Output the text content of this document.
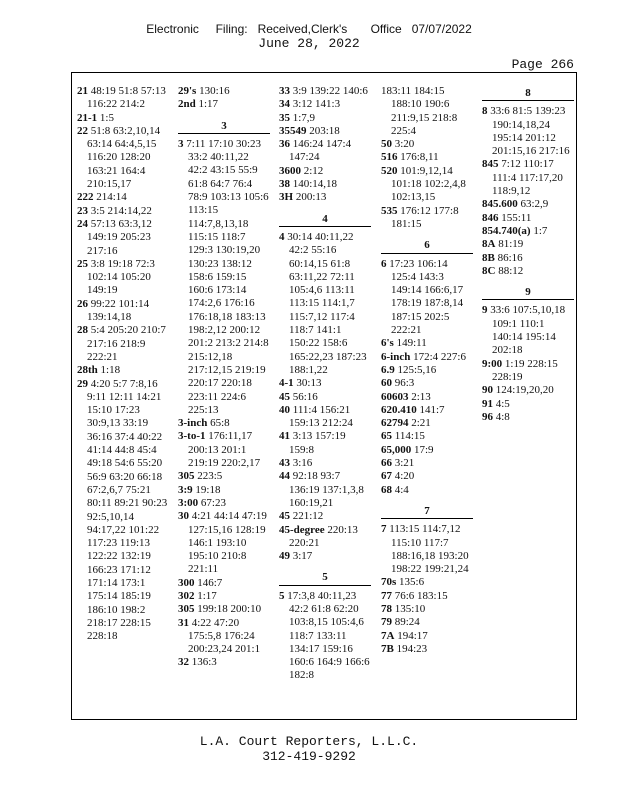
Electronic     Filing:   Received,Clerk's       Office   07/07/2022
June 28, 2022
Page 266
21 48:19 51:8 57:13 116:22 214:2
21-1 1:5
22 51:8 63:2,10,14 63:14 64:4,5,15 116:20 128:20 163:21 164:4 210:15,17
222 214:14
23 3:5 214:14,22
24 57:13 63:3,12 149:19 205:23 217:16
25 3:8 19:18 72:3 102:14 105:20 149:19
26 99:22 101:14 139:14,18
28 5:4 205:20 210:7 217:16 218:9 222:21
28th 1:18
29 4:20 5:7 7:8,16 9:11 12:11 14:21 15:10 17:23 30:9,13 33:19 36:16 37:4 40:22 41:14 44:8 45:4 49:18 54:6 55:20 56:9 63:20 66:18 67:2,6,7 75:21 80:11 89:21 90:23 92:5,10,14 94:17,22 101:22 117:23 119:13 122:22 132:19 166:23 171:12 171:14 173:1 175:14 185:19 186:10 198:2 218:17 228:15 228:18
29's 130:16
2nd 1:17
3
3 7:11 17:10 30:23 33:2 40:11,22 42:2 43:15 55:9 61:8 64:7 76:4 78:9 103:13 105:6 113:15 114:7,8,13,18 115:15 118:7 129:3 130:19,20 130:23 138:12 158:6 159:15 160:6 173:14 174:2,6 176:16 176:18,18 183:13 198:2,12 200:12 201:2 213:2 214:8 215:12,18 217:12,15 219:19 220:17 220:18 223:11 224:6 225:13
3-inch 65:8
3-to-1 176:11,17 200:13 201:1 219:19 220:2,17
305 223:5
3:9 19:18
3:00 67:23
30 4:21 44:14 47:19 127:15,16 128:19 146:1 193:10 195:10 210:8 221:11
300 146:7
302 1:17
305 199:18 200:10
31 4:22 47:20 175:5,8 176:24 200:23,24 201:1
32 136:3
33 3:9 139:22 140:6
34 3:12 141:3
35 1:7,9
35549 203:18
36 146:24 147:4 147:24
3600 2:12
38 140:14,18
3H 200:13
4
4 30:14 40:11,22 42:2 55:16 60:14,15 61:8 63:11,22 72:11 105:4,6 113:11 113:15 114:1,7 115:7,12 117:4 118:7 141:1 150:22 158:6 165:22,23 187:23 188:1,22
4-1 30:13
45 56:16
40 111:4 156:21 159:13 212:24
41 3:13 157:19 159:8
43 3:16
44 92:18 93:7 136:19 137:1,3,8 160:19,21
45 221:12
45-degree 220:13 220:21
49 3:17
5
5 17:3,8 40:11,23 42:2 61:8 62:20 103:8,15 105:4,6 118:7 133:11 134:17 159:16 160:6 164:9 166:6 182:8
183:11 184:15 188:10 190:6 211:9,15 218:8 225:4
50 3:20
516 176:8,11
520 101:9,12,14 101:18 102:2,4,8 102:13,15
535 176:12 177:8 181:15
6
6 17:23 106:14 125:4 143:3 149:14 166:6,17 178:19 187:8,14 187:15 202:5 222:21
6's 149:11
6-inch 172:4 227:6
6.9 125:5,16
60 96:3
60603 2:13
620.410 141:7
62794 2:21
65 114:15
65,000 17:9
66 3:21
67 4:20
68 4:4
7
7 113:15 114:7,12 115:10 117:7 188:16,18 193:20 198:22 199:21,24
70s 135:6
77 76:6 183:15
78 135:10
79 89:24
7A 194:17
7B 194:23
8
8 33:6 81:5 139:23 190:14,18,24 195:14 201:12 201:15,16 217:16
845 7:12 110:17 111:4 117:17,20 118:9,12
845.600 63:2,9
846 155:11
854.740(a) 1:7
8A 81:19
8B 86:16
8C 88:12
9
9 33:6 107:5,10,18 109:1 110:1 140:14 195:14 202:18
9:00 1:19 228:15 228:19
90 124:19,20,20
91 4:5
96 4:8
L.A. Court Reporters, L.L.C.
312-419-9292
